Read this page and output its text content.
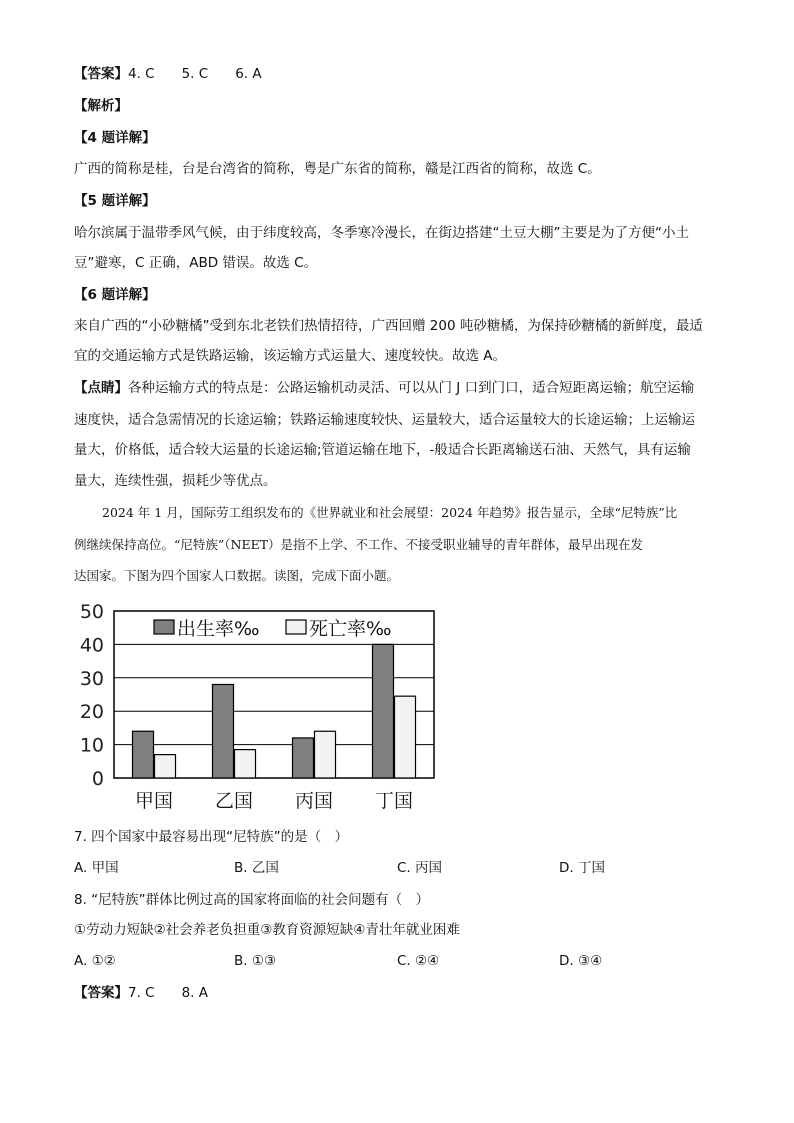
【答案】4. C　　5. C　　6. A
【解析】
【4 题详解】
广西的简称是桂，台是台湾省的简称，粤是广东省的简称，赣是江西省的简称，故选 C。
【5 题详解】
哈尔滨属于温带季风气候，由于纬度较高，冬季寒冷漫长，在街边搭建“土豆大棚”主要是为了方便“小土
豆”避寒，C 正确，ABD 错误。故选 C。
【6 题详解】
来自广西的“小砂糖橘”受到东北老铁们热情招待，广西回赠 200 吨砂糖橘，为保持砂糖橘的新鲜度，最适
宜的交通运输方式是铁路运输，该运输方式运量大、速度较快。故选 A。
【点睛】各种运输方式的特点是：公路运输机动灵活、可以从门 J 口到门口，适合短距离运输；航空运输
速度快，适合急需情况的长途运输；铁路运输速度较快、运量较大，适合运量较大的长途运输；上运输运
量大，价格低，适合较大运量的长途运输;管道运输在地下，-般适合长距离输送石油、天然气，具有运输
量大，连续性强，损耗少等优点。
2024 年 1 月，国际劳工组织发布的《世界就业和社会展望：2024 年趋势》报告显示，全球“尼特族”比
例继续保持高位。“尼特族”（NEET）是指不上学、不工作、不接受职业辅导的青年群体，最早出现在发
达国家。下图为四个国家人口数据。读图，完成下面小题。
0
10
20
30
40
50
甲国 乙国 丙国 丁国
出生率‰	死亡率‰
7. 四个国家中最容易出现“尼特族”的是（　）
A. 甲国	B. 乙国	C. 丙国	D. 丁国
8. “尼特族”群体比例过高的国家将面临的社会问题有（　）
①劳动力短缺②社会养老负担重③教育资源短缺④青壮年就业困难
A. ①②	B. ①③	C. ②④	D. ③④
【答案】7. C　　8. A
